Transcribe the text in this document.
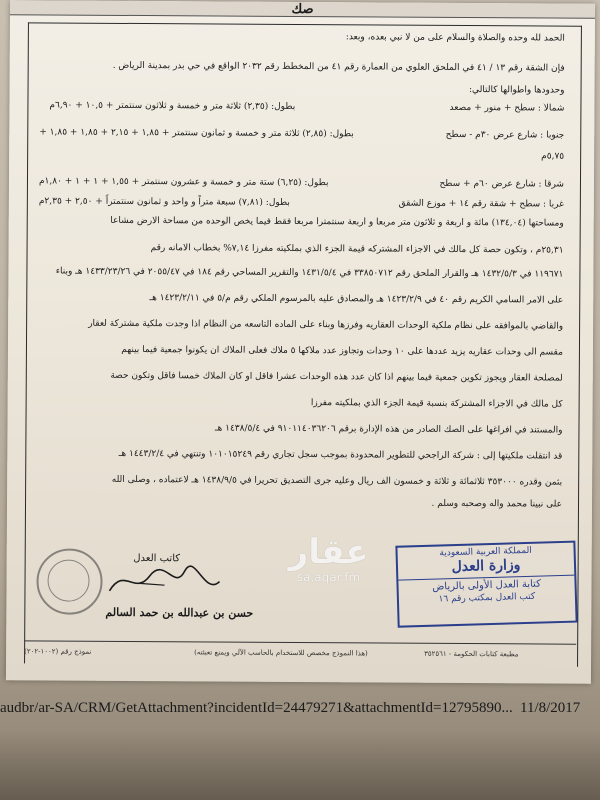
صك
الحمد لله وحده والصلاة والسلام على من لا نبي بعده، وبعد:
فإن الشقة رقم ١٣ / ٤١ في الملحق العلوي من العمارة رقم ٤١ من المخطط رقم ٢٠٣٢ الواقع في حي بدر بمدينة الرياض .
وحدودها وأطوالها كالتالي:
شمالاً : سطح + منور + مصعد
بطول: (٢,٣٥) ثلاثة متر و خمسة و ثلاثون سنتمتر + ١٠,٥ + ٦,٩٠م
جنوباً : شارع عرض ٣٠م - سطح
بطول: (٢,٨٥) ثلاثة متر و خمسة و ثمانون سنتمتر + ١,٨٥ + ٢,١٥ + ١,٨٥ + ١,٨٥ +
٥,٧٥م
شرقاً : شارع عرض ٦٠م + سطح
بطول: (٦,٢٥) ستة متر و خمسة و عشرون سنتمتر + ١,٥٥ + ١ + ١ + ١,٨٠م
غرباً : سطح + شقة رقم ١٤ + موزع الشقق
بطول: (٧,٨١) سبعة متراً و واحد و ثمانون سنتمتراً + ٢,٥٠ + ٢,٣٥م
ومساحتها (١٣٤,٠٤) مائة و أربعة و ثلاثون متر مربعاً و أربعة سنتمتراً مربعاً فقط فيما يخص الوحده من مساحة الارض مشاعاً
٢٥,٣١م ، وتكون حصة كل مالك في الاجزاء المشتركه قيمة الجزء الذي بملكيته مفرزاً ٧,١٤% بخطاب الامانه رقم
١١٩٦٧١ في ١٤٣٢/٥/٣ هـ والقرار الملحق رقم ٣٣٨٥٠٧١٢ في ١٤٣١/٥/٤ والتقرير المساحي رقم ١٨٤ في ٢٠٥٥/٤٧ في ١٤٣٣/٢٣/٢٦ هـ وبناء
على الامر السامي الكريم رقم ٤٠ في ١٤٢٣/٢/٩ هـ والمصادق عليه بالمرسوم الملكي رقم م/٥ في ١٤٢٣/٢/١١ هـ
والقاضي بالموافقه على نظام ملكية الوحدات العقاريه وفرزها وبناء على الماده التاسعه من النظام اذا وجدت ملكية مشتركة لعقار
مقسم الى وحدات عقاريه يزيد عددها على ١٠ وحدات وتجاوز عدد ملاكها ٥ ملاك فعلى الملاك أن يكونوا جمعية فيما بينهم
لمصلحة العقار ويجوز تكوين جمعية فيما بينهم اذا كان عدد هذه الوحدات عشرا فاقل او كان الملاك خمسا فاقل وتكون حصة
كل مالك في الاجزاء المشتركة بنسبة قيمة الجزء الذي بملكيته مفرزا
والمستند في افراغها على الصك الصادر من هذه الإدارة برقم ٩١٠١١٤٠٣٦٢٠٦ في ١٤٣٨/٥/٤ هـ
قد انتقلت ملكيتها إلى : شركة الراجحي للتطوير المحدودة بموجب سجل تجاري رقم ١٠١٠١٥٢٤٩ وتنتهي في ١٤٤٣/٢/٤ هـ
بثمن وقدره ٣٥٣٠٠٠ ثلاثمائة و ثلاثة و خمسون ألف ريال وعليه جرى التصديق تحريراً في ١٤٣٨/٩/٥ هـ لاعتماده ، وصلى الله
على نبينا محمد وآله وصحبه وسلم .
المملكة العربية السعودية
وزارة العدل
كتابة العدل الأولى بالرياض
كتب العدل بمكتب رقم ١٦
كاتب العدل
حسن بن عبدالله بن حمد السالم
عقار
sa.aqar.fm
نموذج رقم (١٠٠٢-٢٠٢)	(هذا النموذج مخصص للاستخدام بالحاسب الآلي ويمنع تعبئته)	مطبعة كتابات الحكومة - ٣٥٢٥٦١
audbr/ar-SA/CRM/GetAttachment?incidentId=24479271&attachmentId=12795890... 11/8/2017
